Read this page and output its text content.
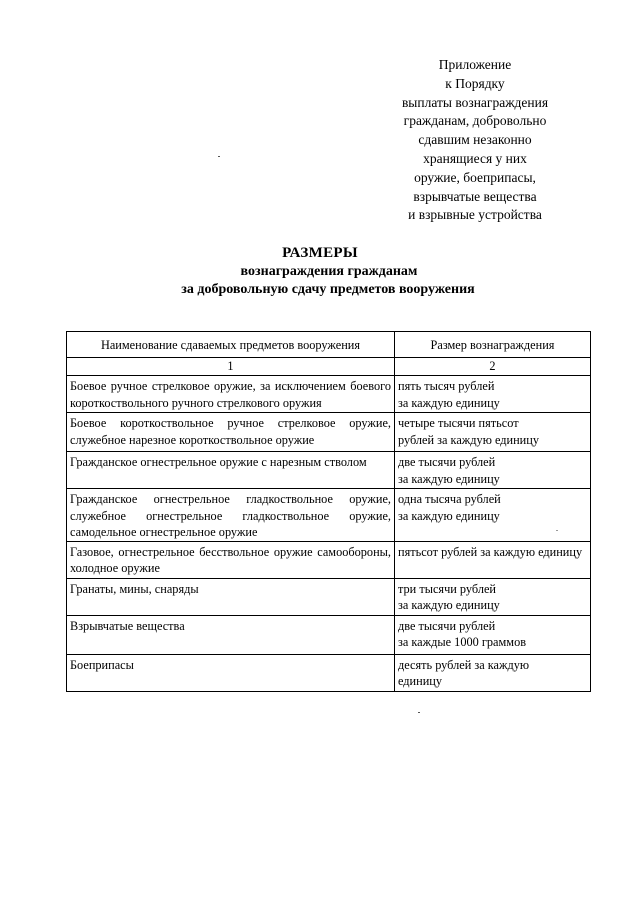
Приложение
к Порядку
выплаты вознаграждения
гражданам, добровольно
сдавшим незаконно
хранящиеся у них
оружие, боеприпасы,
взрывчатые вещества
и взрывные устройства
РАЗМЕРЫ
вознаграждения гражданам
за добровольную сдачу предметов вооружения
Наименование сдаваемых предметов вооружения	Размер вознаграждения
1	2
Боевое ручное стрелковое оружие, за исключением боевого короткоствольного ручного стрелкового оружия	пять тысяч рублей
за каждую единицу
Боевое короткоствольное ручное стрелковое оружие, служебное нарезное короткоствольное оружие	четыре тысячи пятьсот
рублей за каждую единицу
Гражданское огнестрельное оружие с нарезным стволом	две тысячи рублей
за каждую единицу
Гражданское огнестрельное гладкоствольное оружие, служебное огнестрельное гладкоствольное оружие, самодельное огнестрельное оружие	одна тысяча рублей
за каждую единицу
Газовое, огнестрельное бесствольное оружие самообороны, холодное оружие	пятьсот рублей за каждую единицу
Гранаты, мины, снаряды	три тысячи рублей
за каждую единицу
Взрывчатые вещества	две тысячи рублей
за каждые 1000 граммов
Боеприпасы	десять рублей за каждую
единицу
